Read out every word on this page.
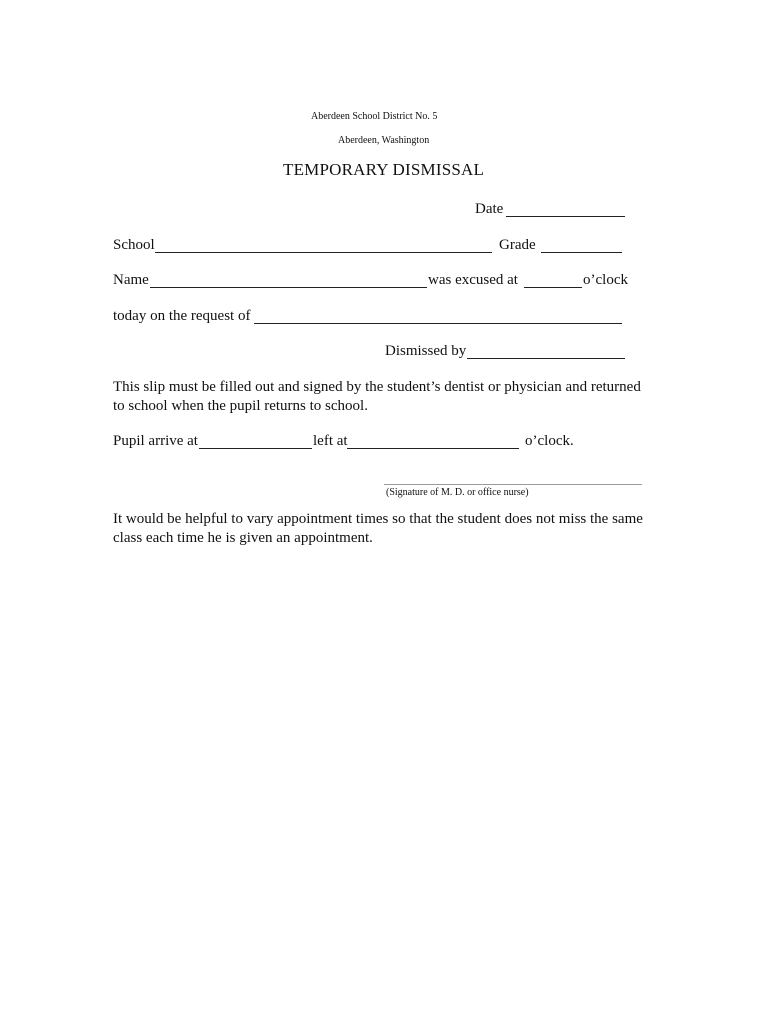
Aberdeen School District No. 5
Aberdeen, Washington
TEMPORARY DISMISSAL
Date
School	Grade
Name	was excused at	o’clock
today on the request of
Dismissed by
This slip must be filled out and signed by the student’s dentist or physician and returned
to school when the pupil returns to school.
Pupil arrive at	left at	o’clock.
(Signature of M. D. or office nurse)
It would be helpful to vary appointment times so that the student does not miss the same
class each time he is given an appointment.
